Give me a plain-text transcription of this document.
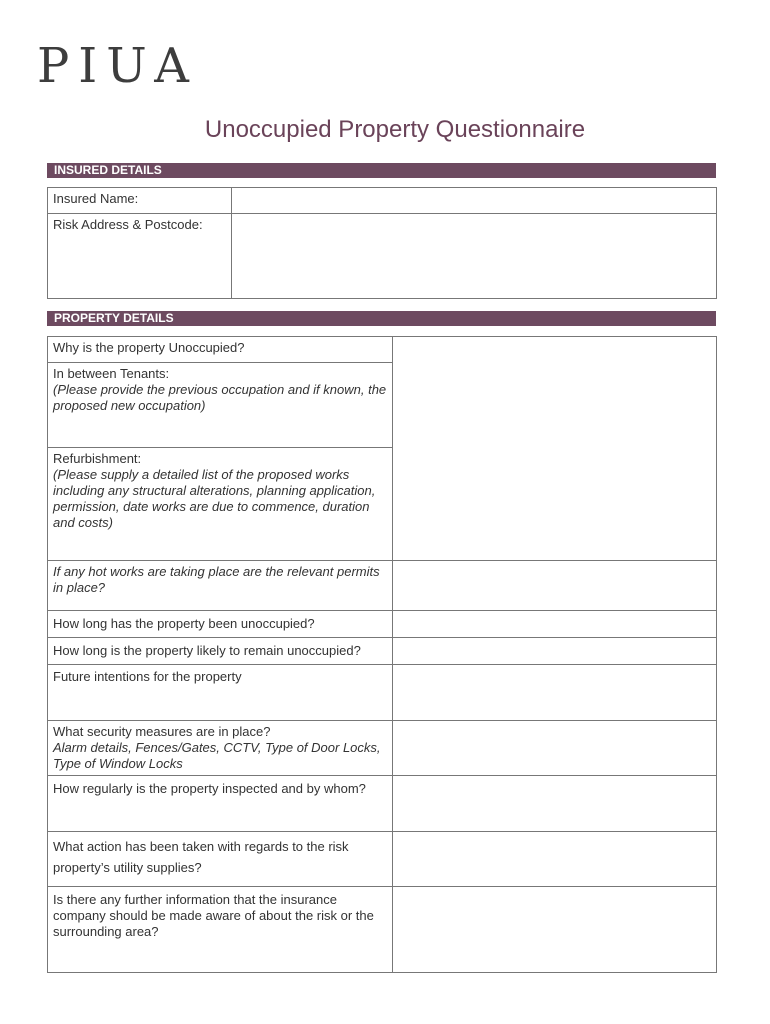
PIUA
Unoccupied Property Questionnaire
INSURED DETAILS
Insured Name:	
Risk Address & Postcode:	
PROPERTY DETAILS
Why is the property Unoccupied?	

In between Tenants:
(Please provide the previous occupation and if known, the proposed new occupation)	

Refurbishment:
(Please supply a detailed list of the proposed works including any structural alterations, planning application, permission, date works are due to commence, duration and costs)	

If any hot works are taking place are the relevant permits in place?	

How long has the property been unoccupied?	

How long is the property likely to remain unoccupied?	

Future intentions for the property	

What security measures are in place?
Alarm details, Fences/Gates, CCTV, Type of Door Locks, Type of Window Locks	

How regularly is the property inspected and by whom?	

What action has been taken with regards to the risk property’s utility supplies?	

Is there any further information that the insurance company should be made aware of about the risk or the surrounding area?	
